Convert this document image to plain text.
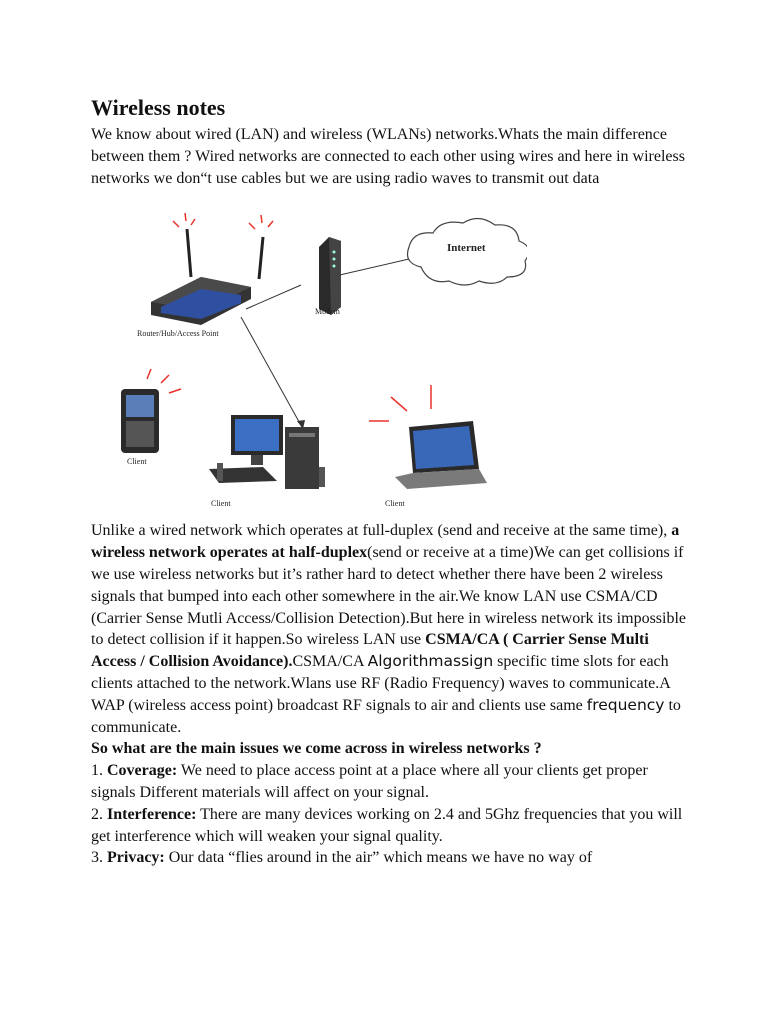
Wireless notes

We know about wired (LAN) and wireless (WLANs) networks.Whats the main difference between them ? Wired networks are connected to each other using wires and here in wireless networks we don“t use cables but we are using radio waves to transmit out data

Internet
Modem
Router/Hub/Access Point
Client
Client	Client

Unlike a wired network which operates at full-duplex (send and receive at the same time), a wireless network operates at half-duplex(send or receive at a time)We can get collisions if we use wireless networks but it’s rather hard to detect whether there have been 2 wireless signals that bumped into each other somewhere in the air.We know LAN use CSMA/CD (Carrier Sense Mutli Access/Collision Detection).But here in wireless network its impossible to detect collision if it happen.So wireless LAN use CSMA/CA ( Carrier Sense Multi Access / Collision Avoidance).CSMA/CA Algorithmassign specific time slots for each clients attached to the network.Wlans use RF (Radio Frequency) waves to communicate.A WAP (wireless access point) broadcast RF signals to air and clients use same frequency to communicate.

So what are the main issues we come across in wireless networks ?

1. Coverage: We need to place access point at a place where all your clients get proper signals Different materials will affect on your signal.

2. Interference: There are many devices working on 2.4 and 5Ghz frequencies that you will get interference which will weaken your signal quality.

3. Privacy: Our data “flies around in the air” which means we have no way of
